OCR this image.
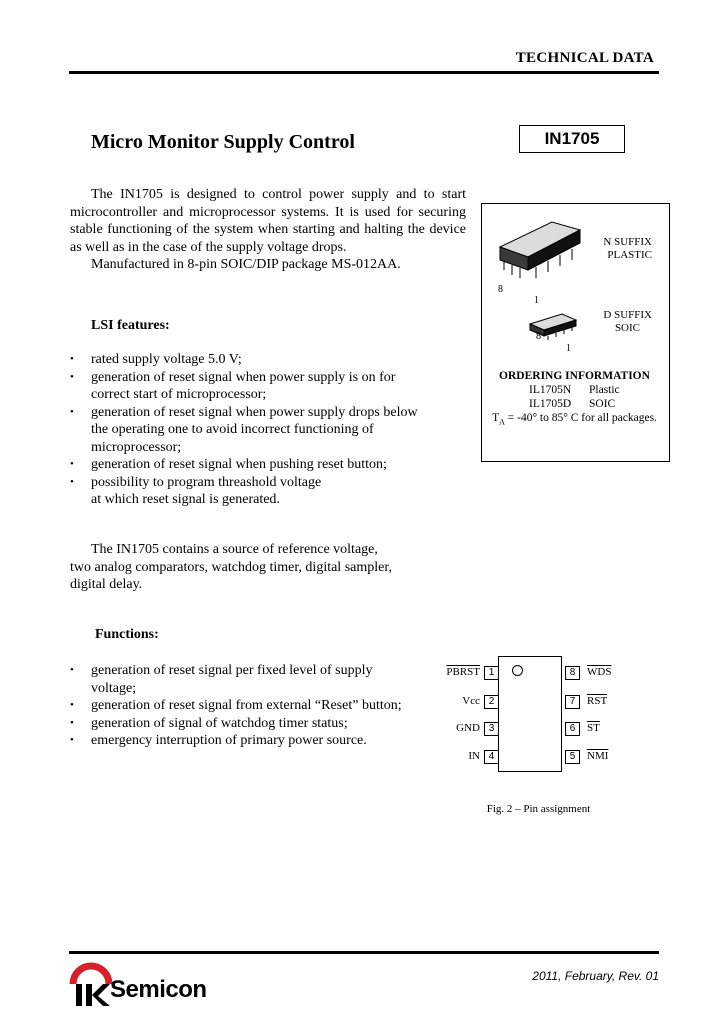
TECHNICAL DATA
Micro Monitor Supply Control	IN1705

The IN1705 is designed to control power supply and to start microcontroller and microprocessor systems. It is used for securing stable functioning of the system when starting and halting the device as well as in the case of the supply voltage drops.

Manufactured in 8-pin SOIC/DIP package MS-012AA.

LSI features:
• rated supply voltage 5.0 V;
• generation of reset signal when power supply is on for correct start of microprocessor;
• generation of reset signal when power supply drops below the operating one to avoid incorrect functioning of microprocessor;
• generation of reset signal when pushing reset button;
• possibility to program threashold voltage
at which reset signal is generated.
The IN1705 contains a source of reference voltage,
two analog comparators, watchdog timer, digital sampler, digital delay.
Functions:
• generation of reset signal per fixed level of supply voltage;
• generation of reset signal from external “Reset” button;
• generation of signal of watchdog timer status;
• emergency interruption of primary power source.
N SUFFIX
PLASTIC
8
1
D SUFFIX
SOIC
8
1
ORDERING INFORMATION
IL1705N Plastic
IL1705D SOIC
$T_A = -40^\circ$ to 85° C for all packages.
PBRST 1
Vcc 2
GND 3
IN 4
8	$\overline{WDS}$
7	$\overline{RST}$
6	$\overline{ST}$
5	$\overline{NMI}$
Fig. 2 – Pin assignment
2011, February, Rev. 01
Semicon
